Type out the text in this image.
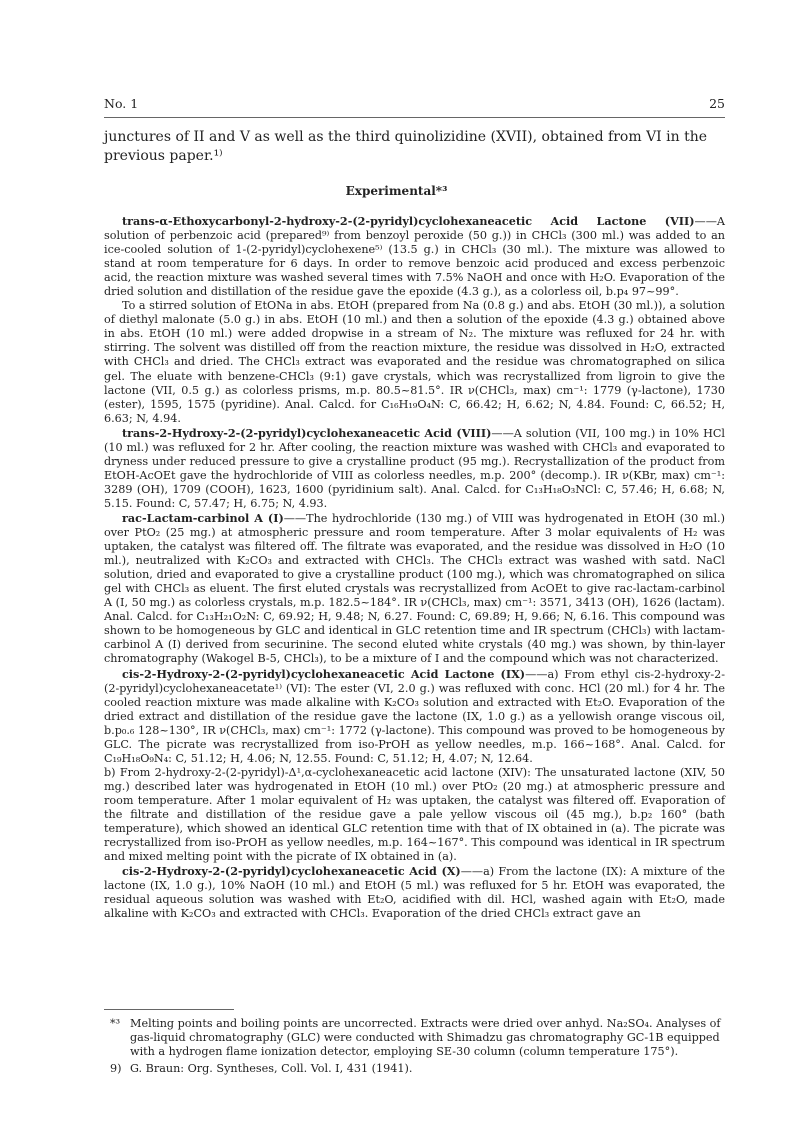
No. 1	25
junctures of II and V as well as the third quinolizidine (XVII), obtained from VI in the previous paper.¹⁾
Experimental*³

trans-α-Ethoxycarbonyl-2-hydroxy-2-(2-pyridyl)cyclohexaneacetic Acid Lactone (VII)——A solution of perbenzoic acid (prepared⁹⁾ from benzoyl peroxide (50 g.)) in CHCl₃ (300 ml.) was added to an ice-cooled solution of 1-(2-pyridyl)cyclohexene⁵⁾ (13.5 g.) in CHCl₃ (30 ml.). The mixture was allowed to stand at room temperature for 6 days. In order to remove benzoic acid produced and excess perbenzoic acid, the reaction mixture was washed several times with 7.5% NaOH and once with H₂O. Evaporation of the dried solution and distillation of the residue gave the epoxide (4.3 g.), as a colorless oil, b.p₄ 97~99°.

To a stirred solution of EtONa in abs. EtOH (prepared from Na (0.8 g.) and abs. EtOH (30 ml.)), a solution of diethyl malonate (5.0 g.) in abs. EtOH (10 ml.) and then a solution of the epoxide (4.3 g.) obtained above in abs. EtOH (10 ml.) were added dropwise in a stream of N₂. The mixture was refluxed for 24 hr. with stirring. The solvent was distilled off from the reaction mixture, the residue was dissolved in H₂O, extracted with CHCl₃ and dried. The CHCl₃ extract was evaporated and the residue was chromatographed on silica gel. The eluate with benzene-CHCl₃ (9:1) gave crystals, which was recrystallized from ligroin to give the lactone (VII, 0.5 g.) as colorless prisms, m.p. 80.5~81.5°. IR ν(CHCl₃, max) cm⁻¹: 1779 (γ-lactone), 1730 (ester), 1595, 1575 (pyridine). Anal. Calcd. for C₁₆H₁₉O₄N: C, 66.42; H, 6.62; N, 4.84. Found: C, 66.52; H, 6.63; N, 4.94.

trans-2-Hydroxy-2-(2-pyridyl)cyclohexaneacetic Acid (VIII)——A solution (VII, 100 mg.) in 10% HCl (10 ml.) was refluxed for 2 hr. After cooling, the reaction mixture was washed with CHCl₃ and evaporated to dryness under reduced pressure to give a crystalline product (95 mg.). Recrystallization of the product from EtOH-AcOEt gave the hydrochloride of VIII as colorless needles, m.p. 200° (decomp.). IR ν(KBr, max) cm⁻¹: 3289 (OH), 1709 (COOH), 1623, 1600 (pyridinium salt). Anal. Calcd. for C₁₃H₁₈O₃NCl: C, 57.46; H, 6.68; N, 5.15. Found: C, 57.47; H, 6.75; N, 4.93.

rac-Lactam-carbinol A (I)——The hydrochloride (130 mg.) of VIII was hydrogenated in EtOH (30 ml.) over PtO₂ (25 mg.) at atmospheric pressure and room temperature. After 3 molar equivalents of H₂ was uptaken, the catalyst was filtered off. The filtrate was evaporated, and the residue was dissolved in H₂O (10 ml.), neutralized with K₂CO₃ and extracted with CHCl₃. The CHCl₃ extract was washed with satd. NaCl solution, dried and evaporated to give a crystalline product (100 mg.), which was chromatographed on silica gel with CHCl₃ as eluent. The first eluted crystals was recrystallized from AcOEt to give rac-lactam-carbinol A (I, 50 mg.) as colorless crystals, m.p. 182.5~184°. IR ν(CHCl₃, max) cm⁻¹: 3571, 3413 (OH), 1626 (lactam). Anal. Calcd. for C₁₃H₂₁O₂N: C, 69.92; H, 9.48; N, 6.27. Found: C, 69.89; H, 9.66; N, 6.16. This compound was shown to be homogeneous by GLC and identical in GLC retention time and IR spectrum (CHCl₃) with lactam-carbinol A (I) derived from securinine. The second eluted white crystals (40 mg.) was shown, by thin-layer chromatography (Wakogel B-5, CHCl₃), to be a mixture of I and the compound which was not characterized.

cis-2-Hydroxy-2-(2-pyridyl)cyclohexaneacetic Acid Lactone (IX)——a) From ethyl cis-2-hydroxy-2-(2-pyridyl)cyclohexaneacetate¹⁾ (VI): The ester (VI, 2.0 g.) was refluxed with conc. HCl (20 ml.) for 4 hr. The cooled reaction mixture was made alkaline with K₂CO₃ solution and extracted with Et₂O. Evaporation of the dried extract and distillation of the residue gave the lactone (IX, 1.0 g.) as a yellowish orange viscous oil, b.p₀.₆ 128~130°, IR ν(CHCl₃, max) cm⁻¹: 1772 (γ-lactone). This compound was proved to be homogeneous by GLC. The picrate was recrystallized from iso-PrOH as yellow needles, m.p. 166~168°. Anal. Calcd. for C₁₉H₁₈O₉N₄: C, 51.12; H, 4.06; N, 12.55. Found: C, 51.12; H, 4.07; N, 12.64.

b) From 2-hydroxy-2-(2-pyridyl)-Δ¹,α-cyclohexaneacetic acid lactone (XIV): The unsaturated lactone (XIV, 50 mg.) described later was hydrogenated in EtOH (10 ml.) over PtO₂ (20 mg.) at atmospheric pressure and room temperature. After 1 molar equivalent of H₂ was uptaken, the catalyst was filtered off. Evaporation of the filtrate and distillation of the residue gave a pale yellow viscous oil (45 mg.), b.p₂ 160° (bath temperature), which showed an identical GLC retention time with that of IX obtained in (a). The picrate was recrystallized from iso-PrOH as yellow needles, m.p. 164~167°. This compound was identical in IR spectrum and mixed melting point with the picrate of IX obtained in (a).

cis-2-Hydroxy-2-(2-pyridyl)cyclohexaneacetic Acid (X)——a) From the lactone (IX): A mixture of the lactone (IX, 1.0 g.), 10% NaOH (10 ml.) and EtOH (5 ml.) was refluxed for 5 hr. EtOH was evaporated, the residual aqueous solution was washed with Et₂O, acidified with dil. HCl, washed again with Et₂O, made alkaline with K₂CO₃ and extracted with CHCl₃. Evaporation of the dried CHCl₃ extract gave an

*³ Melting points and boiling points are uncorrected. Extracts were dried over anhyd. Na₂SO₄. Analyses of gas-liquid chromatography (GLC) were conducted with Shimadzu gas chromatography GC-1B equipped with a hydrogen flame ionization detector, employing SE-30 column (column temperature 175°).
9) G. Braun: Org. Syntheses, Coll. Vol. I, 431 (1941).
